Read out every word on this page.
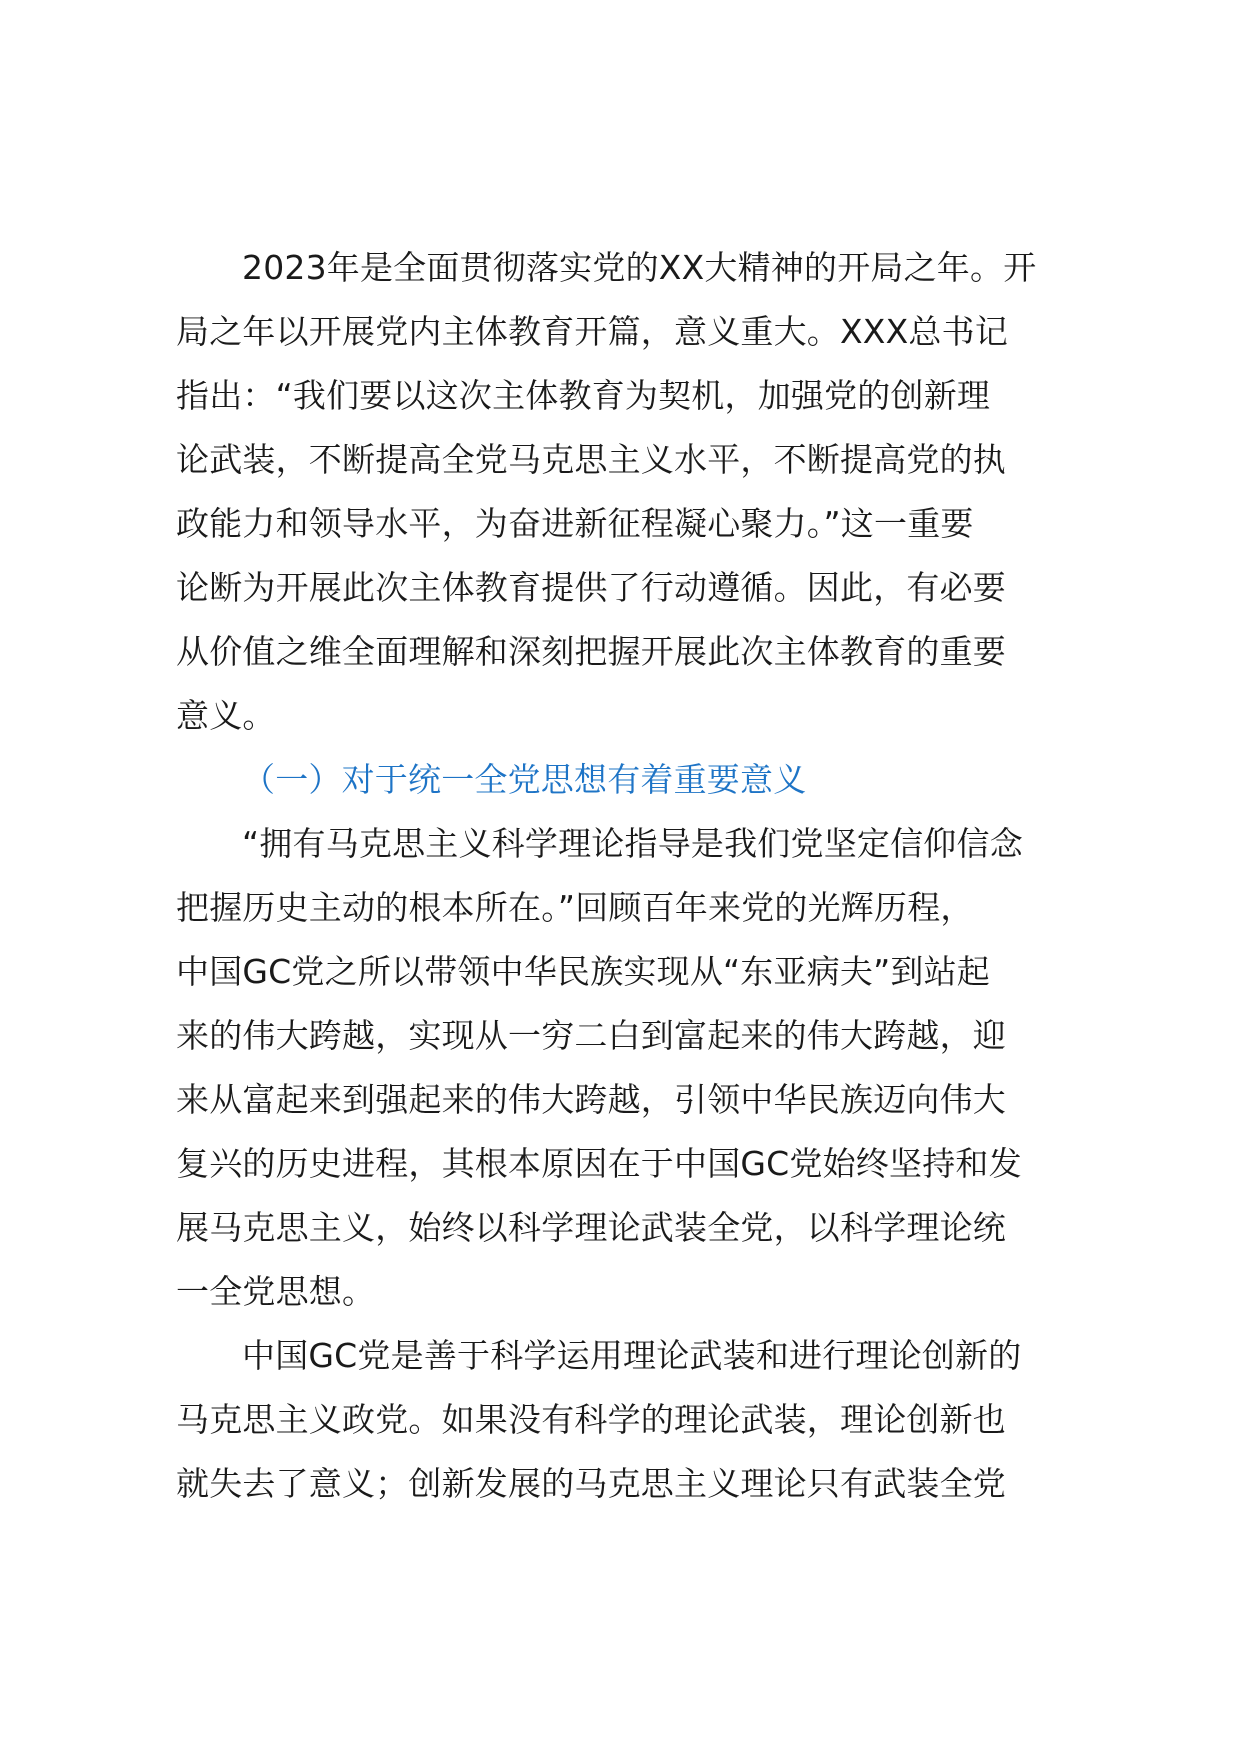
2023年是全面贯彻落实党的XX大精神的开局之年。开
局之年以开展党内主体教育开篇，意义重大。XXX总书记
指出：“我们要以这次主体教育为契机，加强党的创新理
论武装，不断提高全党马克思主义水平，不断提高党的执
政能力和领导水平，为奋进新征程凝心聚力。”这一重要
论断为开展此次主体教育提供了行动遵循。因此，有必要
从价值之维全面理解和深刻把握开展此次主体教育的重要
意义。
（一）对于统一全党思想有着重要意义
“拥有马克思主义科学理论指导是我们党坚定信仰信念
把握历史主动的根本所在。”回顾百年来党的光辉历程，
中国GC党之所以带领中华民族实现从“东亚病夫”到站起
来的伟大跨越，实现从一穷二白到富起来的伟大跨越，迎
来从富起来到强起来的伟大跨越，引领中华民族迈向伟大
复兴的历史进程，其根本原因在于中国GC党始终坚持和发
展马克思主义，始终以科学理论武装全党，以科学理论统
一全党思想。
中国GC党是善于科学运用理论武装和进行理论创新的
马克思主义政党。如果没有科学的理论武装，理论创新也
就失去了意义；创新发展的马克思主义理论只有武装全党
